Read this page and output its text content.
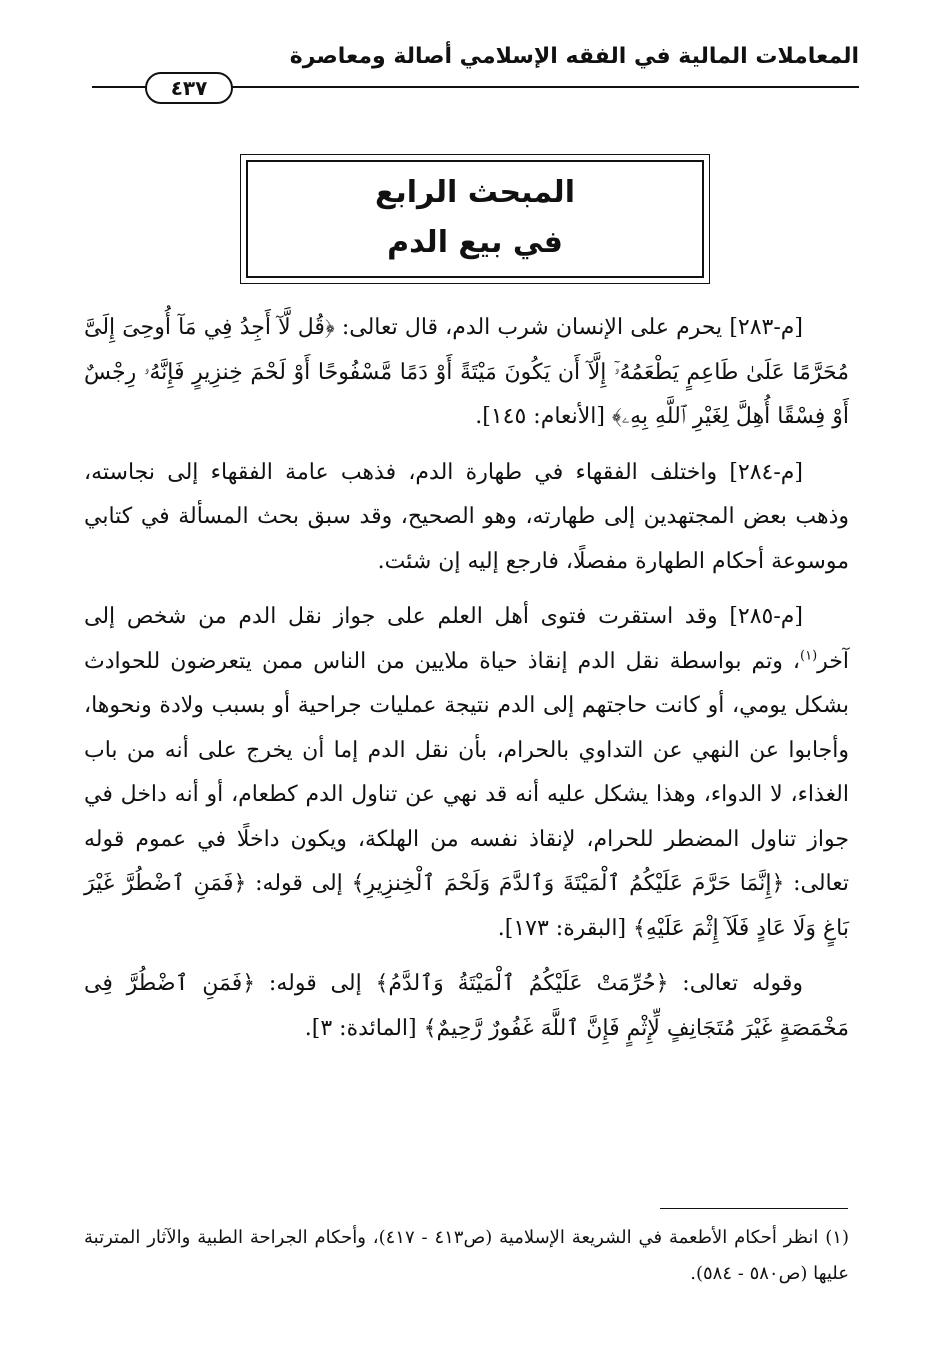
المعاملات المالية في الفقه الإسلامي أصالة ومعاصرة
٤٣٧
المبحث الرابع
في بيع الدم

[م-٢٨٣] يحرم على الإنسان شرب الدم، قال تعالى: ﴿قُل لَّآ أَجِدُ فِي مَآ أُوحِىَ إِلَىَّ مُحَرَّمًا عَلَىٰ طَاعِمٍ يَطْعَمُهُۥٓ إِلَّآ أَن يَكُونَ مَيْتَةً أَوْ دَمًا مَّسْفُوحًا أَوْ لَحْمَ خِنزِيرٍ فَإِنَّهُۥ رِجْسٌ أَوْ فِسْقًا أُهِلَّ لِغَيْرِ ٱللَّهِ بِهِۦ﴾ [الأنعام: ١٤٥].

[م-٢٨٤] واختلف الفقهاء في طهارة الدم، فذهب عامة الفقهاء إلى نجاسته، وذهب بعض المجتهدين إلى طهارته، وهو الصحيح، وقد سبق بحث المسألة في كتابي موسوعة أحكام الطهارة مفصلًا، فارجع إليه إن شئت.

[م-٢٨٥] وقد استقرت فتوى أهل العلم على جواز نقل الدم من شخص إلى آخر$^{(١)}$، وتم بواسطة نقل الدم إنقاذ حياة ملايين من الناس ممن يتعرضون للحوادث بشكل يومي، أو كانت حاجتهم إلى الدم نتيجة عمليات جراحية أو بسبب ولادة ونحوها، وأجابوا عن النهي عن التداوي بالحرام، بأن نقل الدم إما أن يخرج على أنه من باب الغذاء، لا الدواء، وهذا يشكل عليه أنه قد نهي عن تناول الدم كطعام، أو أنه داخل في جواز تناول المضطر للحرام، لإنقاذ نفسه من الهلكة، ويكون داخلًا في عموم قوله تعالى: ﴿إِنَّمَا حَرَّمَ عَلَيْكُمُ ٱلْمَيْتَةَ وَٱلدَّمَ وَلَحْمَ ٱلْخِنزِيرِ﴾ إلى قوله: ﴿فَمَنِ ٱضْطُرَّ غَيْرَ بَاغٍ وَلَا عَادٍ فَلَآ إِثْمَ عَلَيْهِ﴾ [البقرة: ١٧٣].

وقوله تعالى: ﴿حُرِّمَتْ عَلَيْكُمُ ٱلْمَيْتَةُ وَٱلدَّمُ﴾ إلى قوله: ﴿فَمَنِ ٱضْطُرَّ فِى مَخْمَصَةٍ غَيْرَ مُتَجَانِفٍ لِّإِثْمٍ فَإِنَّ ٱللَّهَ غَفُورٌ رَّحِيمٌ﴾ [المائدة: ٣].

(١) انظر أحكام الأطعمة في الشريعة الإسلامية (ص٤١٣ - ٤١٧)، وأحكام الجراحة الطبية والآثار المترتبة عليها (ص٥٨٠ - ٥٨٤).
